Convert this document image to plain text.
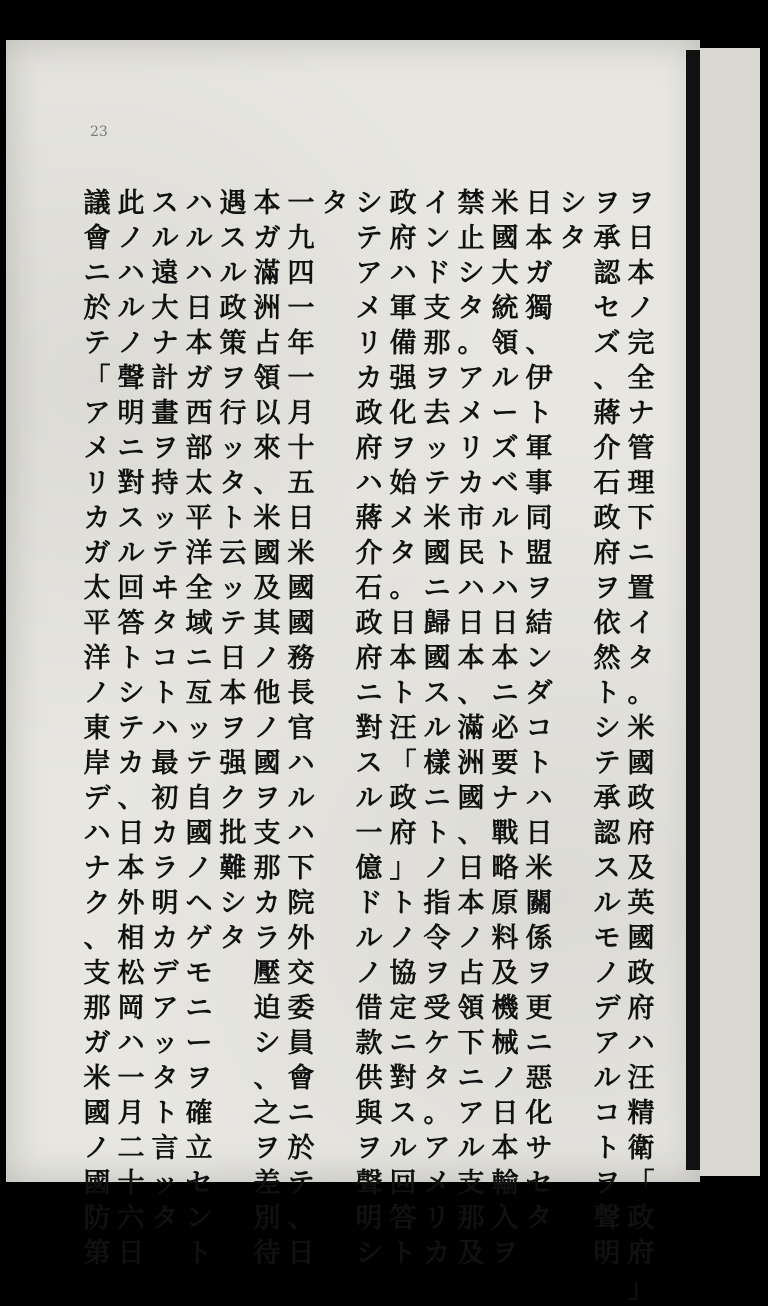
23
ヲ
日
本
ノ
完
全
ナ
管
理
下
ニ
置
イ
タ
。
米
國
政
府
及
英
國
政
府
ハ
汪
精
衛
「
政
府
」
ヲ
承
認
セ
ズ
、
蔣
介
石
政
府
ヲ
依
然
ト
シ
テ
承
認
ス
ル
モ
ノ
デ
ア
ル
コ
ト
ヲ
聲
明
シ
タ
日
本
ガ
獨
、
伊
ト
軍
事
同
盟
ヲ
結
ン
ダ
コ
ト
ハ
日
米
關
係
ヲ
更
ニ
惡
化
サ
セ
タ
米
國
大
統
領
ル
ー
ズ
ベ
ル
ト
ハ
日
本
ニ
必
要
ナ
戰
略
原
料
及
機
械
ノ
日
本
輸
入
ヲ
禁
止
シ
タ
。
ア
メ
リ
カ
市
民
ハ
日
本
、
滿
洲
國
、
日
本
ノ
占
領
下
ニ
ア
ル
支
那
及
イ
ン
ド
支
那
ヲ
去
ッ
テ
米
國
ニ
歸
國
ス
ル
樣
ニ
ト
ノ
指
令
ヲ
受
ケ
タ
。
ア
メ
リ
カ
政
府
ハ
軍
備
强
化
ヲ
始
メ
タ
。
日
本
ト
汪
「
政
府
」
ト
ノ
協
定
ニ
對
ス
ル
回
答
ト
シ
テ
ア
メ
リ
カ
政
府
ハ
蔣
介
石
政
府
ニ
對
ス
ル
一
億
ド
ル
ノ
借
款
供
與
ヲ
聲
明
シ
タ
一
九
四
一
年
一
月
十
五
日
米
國
國
務
長
官
ハ
ル
ハ
下
院
外
交
委
員
會
ニ
於
テ
、
日
本
ガ
滿
洲
占
領
以
來
、
米
國
及
其
ノ
他
ノ
國
ヲ
支
那
カ
ラ
壓
迫
シ
、
之
ヲ
差
別
待
遇
ス
ル
政
策
ヲ
行
ッ
タ
ト
云
ッ
テ
日
本
ヲ
强
ク
批
難
シ
タ
ハ
ル
ハ
日
本
ガ
西
部
太
平
洋
全
域
ニ
亙
ッ
テ
自
國
ノ
ヘ
ゲ
モ
ニ
ー
ヲ
確
立
セ
ン
ト
ス
ル
遠
大
ナ
計
畫
ヲ
持
ッ
テ
ヰ
タ
コ
ト
ハ
最
初
カ
ラ
明
カ
デ
ア
ッ
タ
ト
言
ッ
タ
此
ノ
ハ
ル
ノ
聲
明
ニ
對
ス
ル
回
答
ト
シ
テ
カ
、
日
本
外
相
松
岡
ハ
一
月
二
十
六
日
議
會
ニ
於
テ
「
ア
メ
リ
カ
ガ
太
平
洋
ノ
東
岸
デ
ハ
ナ
ク
、
支
那
ガ
米
國
ノ
國
防
第
